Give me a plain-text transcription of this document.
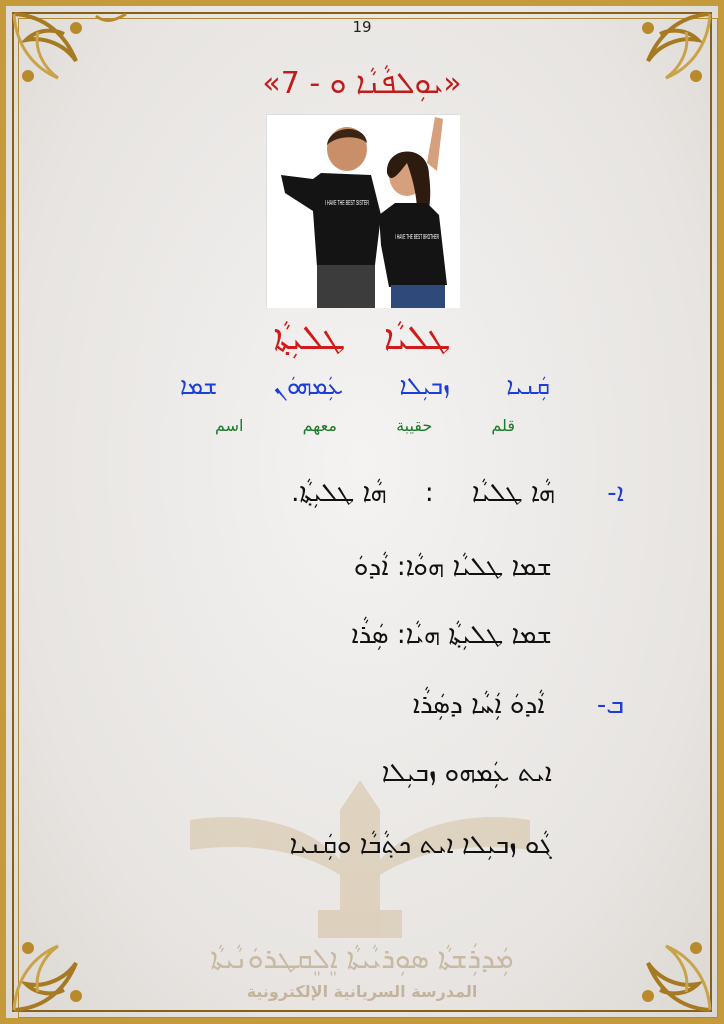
19
«ܝܘܼܠܦܵܢܵܐ ܘ - 7»
I HAVE THE BEST SISTER
I HAVE THE BEST BROTHER
ܛܠܝܵܐ ܛܠܝܼܬ݂ܵܐ
ܫܡܐ ܥܲܡܗܘܿܢ ܙܒܝܼܠܐ ܩܲܢܝܐ
اسم	معهم	حقيبة	قلم
ܐ- ܗܵܐ ܛܠܝܵܐ : ܗܵܐ ܛܠܝܼܬ݂ܵܐ.
ܫܡܐ ܛܠܝܵܐ ܗܘܵܐ: ܐܵܕܘܿ
ܫܡܐ ܛܠܝܼܬ݂ܵܐ ܗܝܵܐ: ܣܲܪܵܐ
ܒ- ܐܵܕܘܿ ܐܲܚܵܐ ܕܣܲܪܵܐ
ܐܝܬ ܥܲܡܗܘ ܙܒܝܼܠܐ
ܓܵܘ ܙܒܝܼܠܐ ܐܝܬ ܟܬ݂ܵܒܵܐ ܘܩܲܢܝܐ
ܡܲܕܪܲܫܬܵܐ ܣܘܼܪܝܵܝܬܵܐ ܐܸܠܸܩܛܪܘܿܢܵܝܬܵܐ
المدرسة السريانية الإلكترونية
